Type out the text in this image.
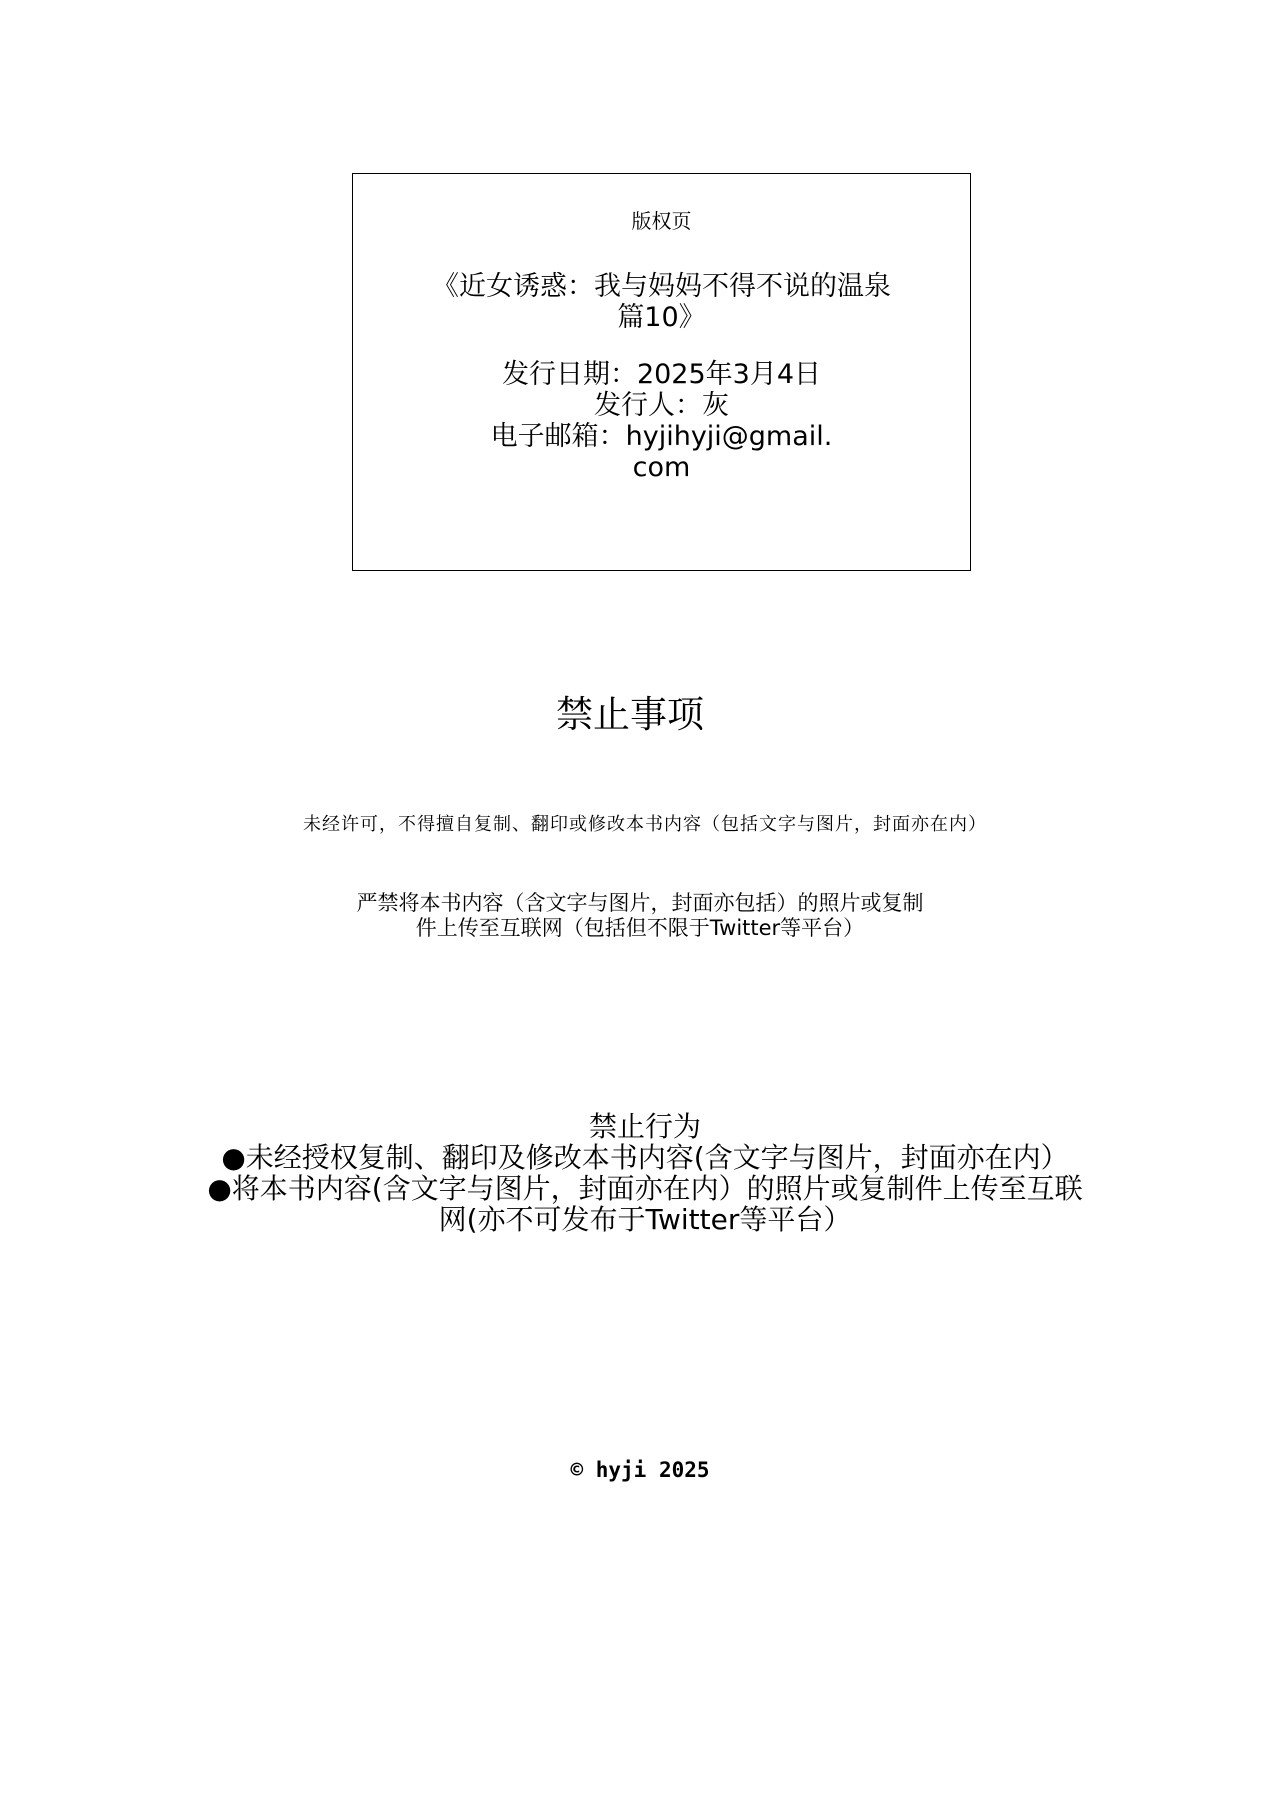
版权页
《近女诱惑：我与妈妈不得不说的温泉
篇10》
发行日期：2025年3月4日
发行人：灰
电子邮箱：hyjihyji@gmail.
com
禁止事项
未经许可，不得擅自复制、翻印或修改本书内容（包括文字与图片，封面亦在内）
严禁将本书内容（含文字与图片，封面亦包括）的照片或复制
件上传至互联网（包括但不限于Twitter等平台）
禁止行为
●未经授权复制、翻印及修改本书内容(含文字与图片，封面亦在内）
●将本书内容(含文字与图片，封面亦在内）的照片或复制件上传至互联
网(亦不可发布于Twitter等平台）
© hyji 2025
